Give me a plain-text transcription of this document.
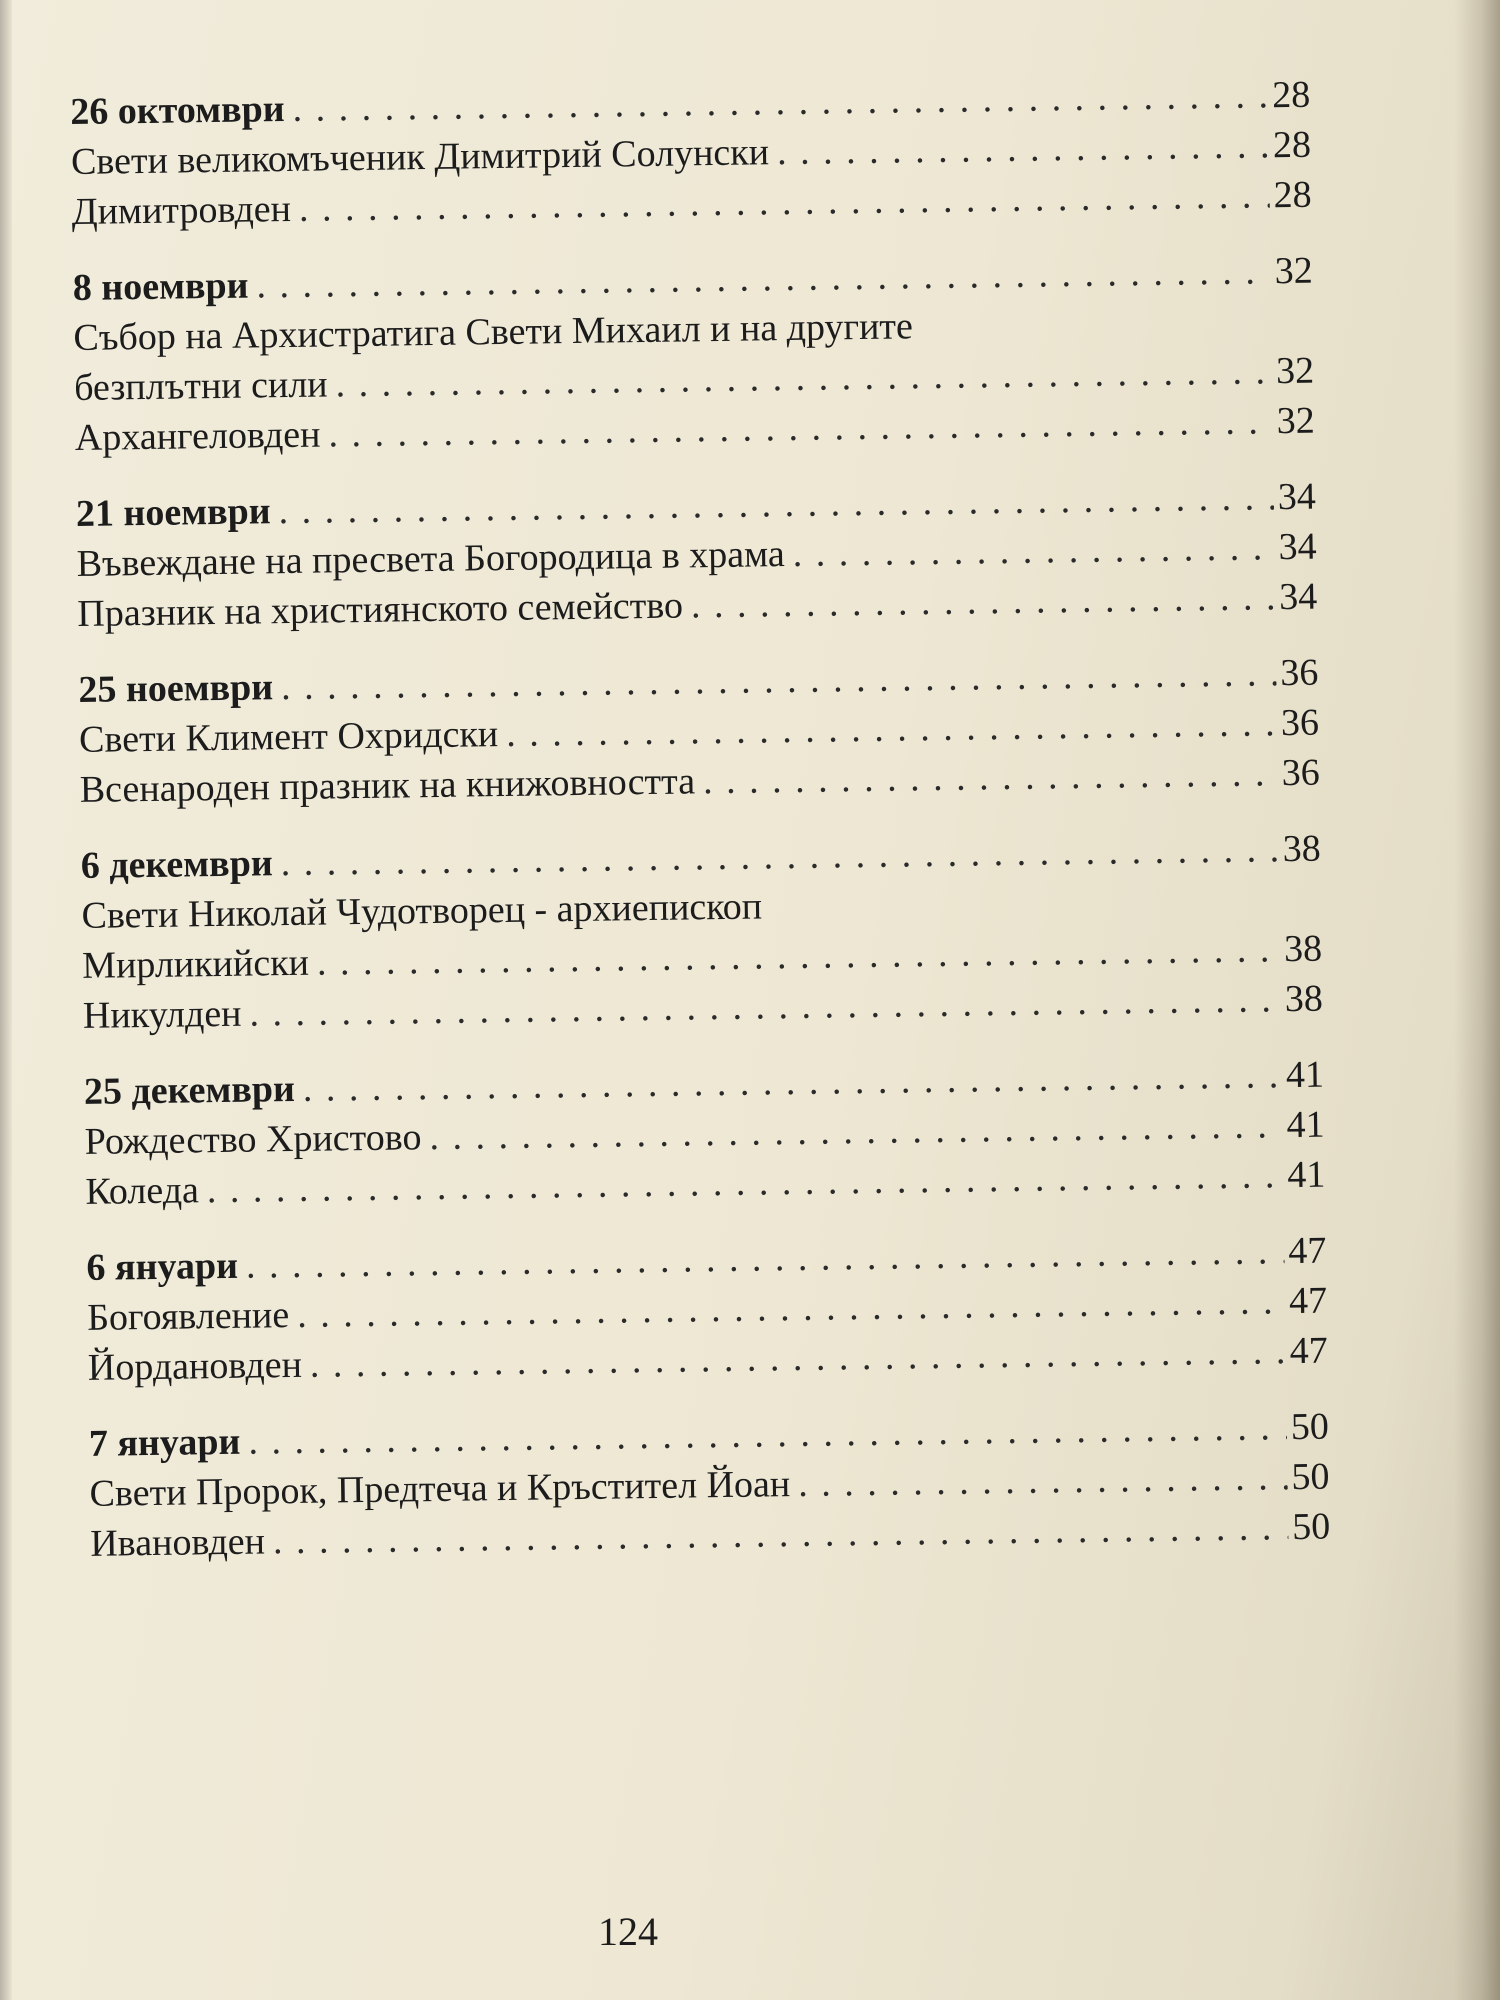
26 октомври . . .	28
Свети великомъченик Димитрий Солунски . . .	28
Димитровден . . .	28
8 ноември . . .	32
Събор на Архистратига Свети Михаил и на другите
безплътни сили . . .	32
Архангеловден . . .	32
21 ноември . . .	34
Въвеждане на пресвета Богородица в храма . . .	34
Празник на християнското семейство . . .	34
25 ноември . . .	36
Свети Климент Охридски . . .	36
Всенароден празник на книжовността . . .	36
6 декември . . .	38
Свети Николай Чудотворец - архиепископ
Мирликийски . . .	38
Никулден . . .	38
25 декември . . .	41
Рождество Христово . . .	41
Коледа . . .	41
6 януари . . .	47
Богоявление . . .	47
Йордановден . . .	47
7 януари . . .	50
Свети Пророк, Предтеча и Кръстител Йоан . . .	50
Ивановден . . .	50
124
